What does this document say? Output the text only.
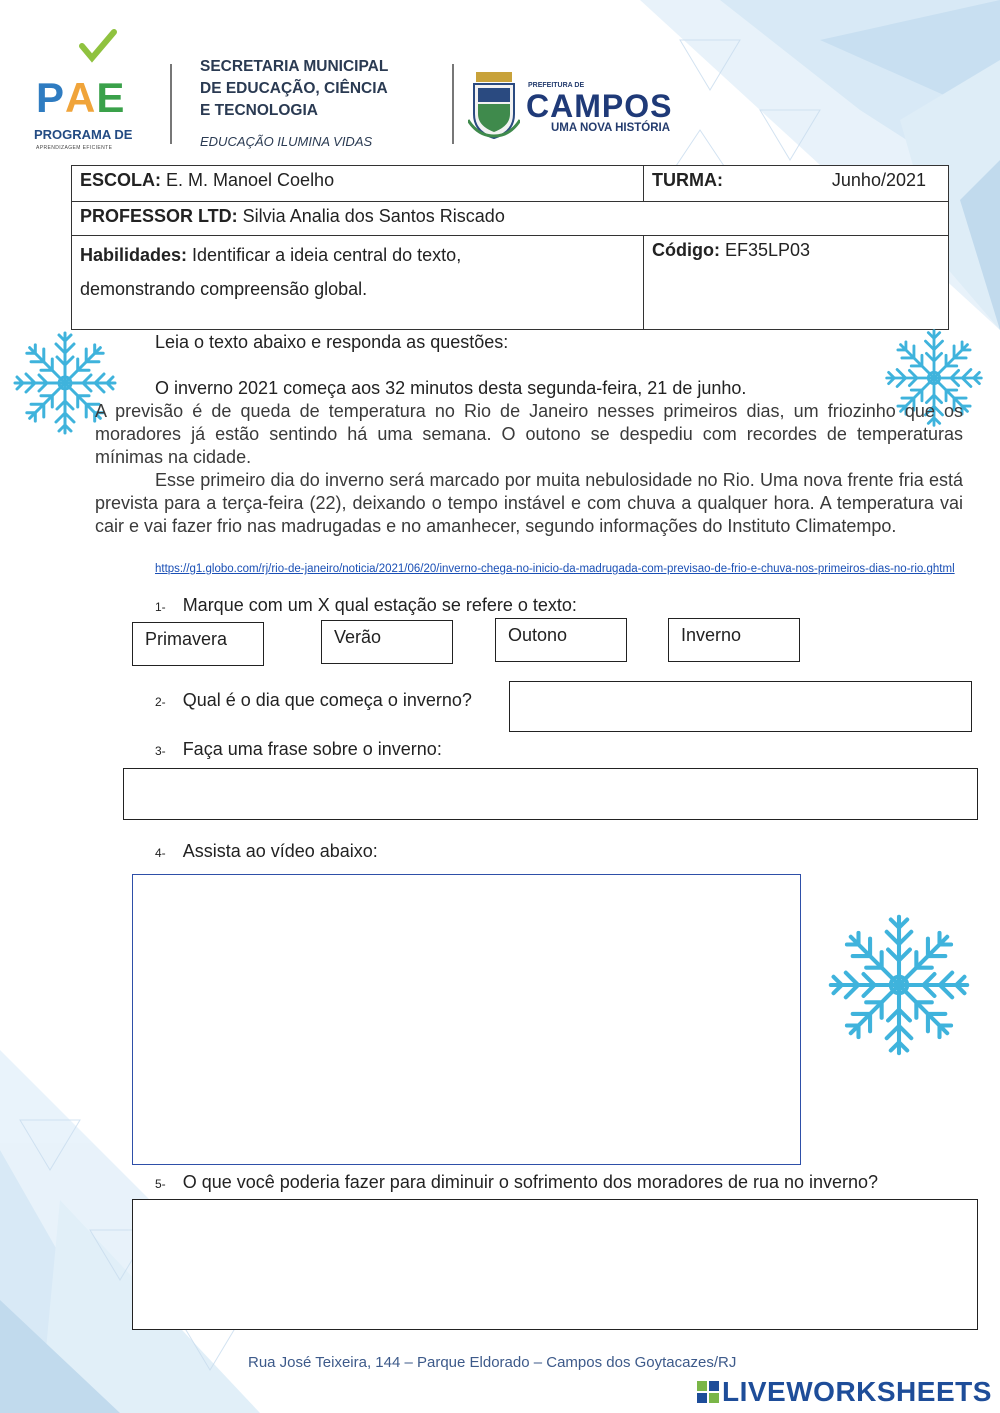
PAE
PROGRAMA DE
APRENDIZAGEM EFICIENTE
SECRETARIA MUNICIPAL
DE EDUCAÇÃO, CIÊNCIA
E TECNOLOGIA
EDUCAÇÃO ILUMINA VIDAS
PREFEITURA DE
CAMPOS
UMA NOVA HISTÓRIA
ESCOLA: E. M. Manoel Coelho	TURMA: Junho/2021

PROFESSOR LTD: Silvia Analia dos Santos Riscado	
Habilidades: Identificar a ideia central do texto,
demonstrando compreensão global.	Código: EF35LP03
Leia o texto abaixo e responda as questões:
O inverno 2021 começa aos 32 minutos desta segunda-feira, 21 de junho.
A previsão é de queda de temperatura no Rio de Janeiro nesses primeiros dias, um friozinho que os moradores já estão sentindo há uma semana. O outono se despediu com recordes de temperaturas mínimas na cidade.
Esse primeiro dia do inverno será marcado por muita nebulosidade no Rio. Uma nova frente fria está prevista para a terça-feira (22), deixando o tempo instável e com chuva a qualquer hora. A temperatura vai cair e vai fazer frio nas madrugadas e no amanhecer, segundo informações do Instituto Climatempo.
https://g1.globo.com/rj/rio-de-janeiro/noticia/2021/06/20/inverno-chega-no-inicio-da-madrugada-com-previsao-de-frio-e-chuva-nos-primeiros-dias-no-rio.ghtml
1- Marque com um X qual estação se refere o texto:
Primavera	Verão	Outono	Inverno
2- Qual é o dia que começa o inverno?
3- Faça uma frase sobre o inverno:
4- Assista ao vídeo abaixo:
5- O que você poderia fazer para diminuir o sofrimento dos moradores de rua no inverno?
Rua José Teixeira, 144 – Parque Eldorado – Campos dos Goytacazes/RJ
LIVEWORKSHEETS
